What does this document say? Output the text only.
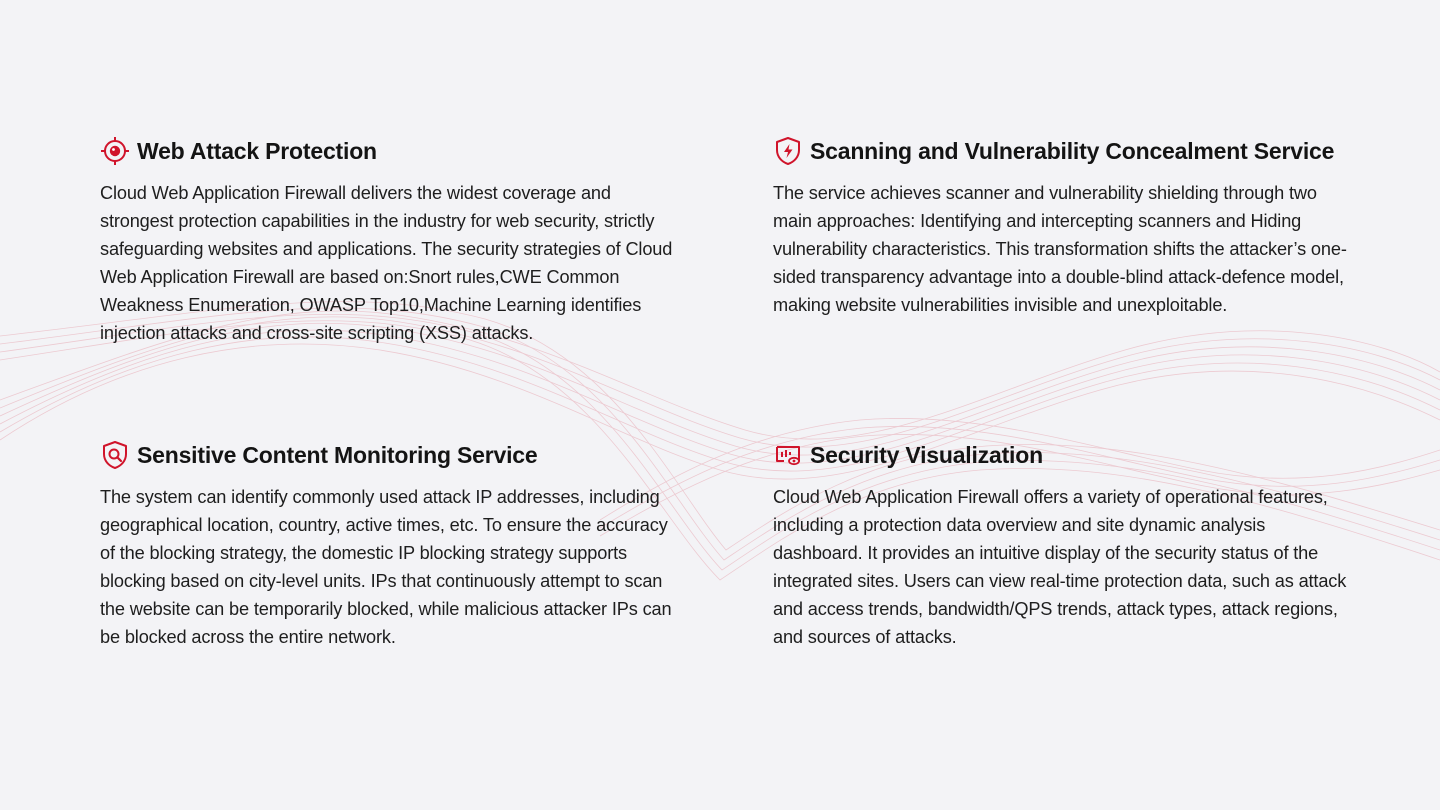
Web Attack Protection
Cloud Web Application Firewall delivers the widest coverage and strongest protection capabilities in the industry for web security, strictly safeguarding websites and applications. The security strategies of Cloud Web Application Firewall are based on:Snort rules,CWE Common Weakness Enumeration, OWASP Top10,Machine Learning identifies injection attacks and cross-site scripting (XSS) attacks.
Scanning and Vulnerability Concealment Service
The service achieves scanner and vulnerability shielding through two main approaches: Identifying and intercepting scanners and Hiding vulnerability characteristics. This transformation shifts the attacker’s one-sided transparency advantage into a double-blind attack-defence model, making website vulnerabilities invisible and unexploitable.
Sensitive Content Monitoring Service
The system can identify commonly used attack IP addresses, including geographical location, country, active times, etc. To ensure the accuracy of the blocking strategy, the domestic IP blocking strategy supports blocking based on city-level units. IPs that continuously attempt to scan the website can be temporarily blocked, while malicious attacker IPs can be blocked across the entire network.
Security Visualization
Cloud Web Application Firewall offers a variety of operational features, including a protection data overview and site dynamic analysis dashboard. It provides an intuitive display of the security status of the integrated sites. Users can view real-time protection data, such as attack and access trends, bandwidth/QPS trends, attack types, attack regions, and sources of attacks.
